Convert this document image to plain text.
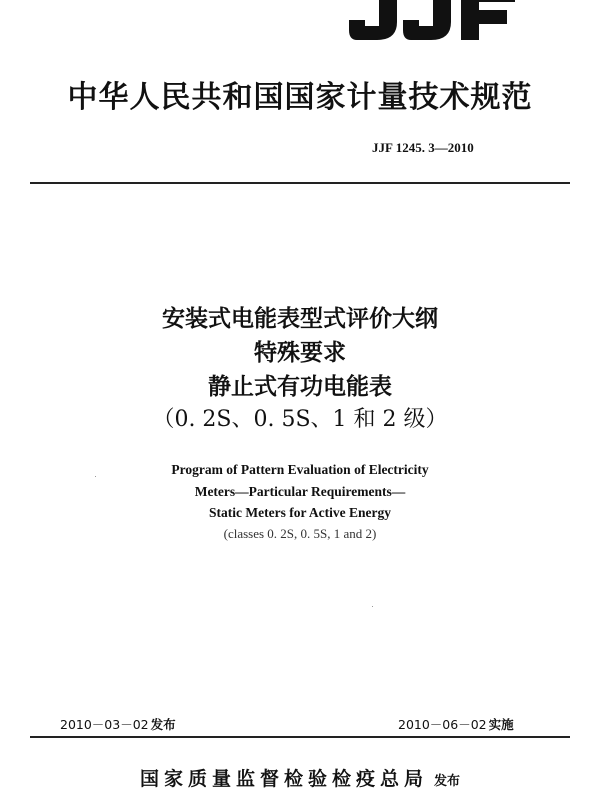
中华人民共和国国家计量技术规范
JJF 1245. 3—2010
安装式电能表型式评价大纲
特殊要求
静止式有功电能表
（0. 2S、0. 5S、1 和 2 级）
Program of Pattern Evaluation of Electricity
Meters—Particular Requirements—
Static Meters for Active Energy
(classes 0. 2S, 0. 5S, 1 and 2)
2010－03－02 发布	2010－06－02 实施
国家质量监督检验检疫总局 发布
